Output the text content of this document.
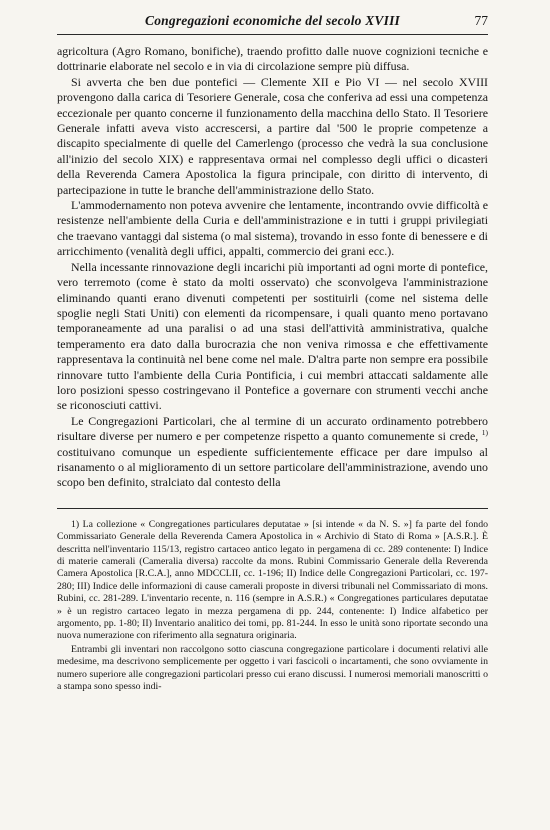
Congregazioni economiche del secolo XVIII	77

agricoltura (Agro Romano, bonifiche), traendo profitto dalle nuove cognizioni tecniche e dottrinarie elaborate nel secolo e in via di circolazione sempre più diffusa.

Si avverta che ben due pontefici — Clemente XII e Pio VI — nel secolo XVIII provengono dalla carica di Tesoriere Generale, cosa che conferiva ad essi una competenza eccezionale per quanto concerne il funzionamento della macchina dello Stato. Il Tesoriere Generale infatti aveva visto accrescersi, a partire dal '500 le proprie competenze a discapito specialmente di quelle del Camerlengo (processo che vedrà la sua conclusione all'inizio del secolo XIX) e rappresentava ormai nel complesso degli uffici o dicasteri della Reverenda Camera Apostolica la figura principale, con diritto di intervento, di partecipazione in tutte le branche dell'amministrazione dello Stato.

L'ammodernamento non poteva avvenire che lentamente, incontrando ovvie difficoltà e resistenze nell'ambiente della Curia e dell'amministrazione e in tutti i gruppi privilegiati che traevano vantaggi dal sistema (o mal sistema), trovando in esso fonte di benessere e di arricchimento (venalità degli uffici, appalti, commercio dei grani ecc.).

Nella incessante rinnovazione degli incarichi più importanti ad ogni morte di pontefice, vero terremoto (come è stato da molti osservato) che sconvolgeva l'amministrazione eliminando quanti erano divenuti competenti per sostituirli (come nel sistema delle spoglie negli Stati Uniti) con elementi da ricompensare, i quali quanto meno portavano temporaneamente ad una paralisi o ad una stasi dell'attività amministrativa, qualche temperamento era dato dalla burocrazia che non veniva rimossa e che effettivamente rappresentava la continuità nel bene come nel male. D'altra parte non sempre era possibile rinnovare tutto l'ambiente della Curia Pontificia, i cui membri attaccati saldamente alle loro posizioni spesso costringevano il Pontefice a governare con strumenti vecchi anche se riconosciuti cattivi.

Le Congregazioni Particolari, che al termine di un accurato ordinamento potrebbero risultare diverse per numero e per competenze rispetto a quanto comunemente si crede, $^{1)}$ costituivano comunque un espediente sufficientemente efficace per dare impulso al risanamento o al miglioramento di un settore particolare dell'amministrazione, avendo uno scopo ben definito, stralciato dal contesto della

1) La collezione « Congregationes particulares deputatae » [si intende « da N. S. »] fa parte del fondo Commissariato Generale della Reverenda Camera Apostolica in « Archivio di Stato di Roma » [A.S.R.]. È descritta nell'inventario 115/13, registro cartaceo antico legato in pergamena di cc. 289 contenente: I) Indice di materie camerali (Cameralia diversa) raccolte da mons. Rubini Commissario Generale della Reverenda Camera Apostolica [R.C.A.], anno MDCCLII, cc. 1-196; II) Indice delle Congregazioni Particolari, cc. 197-280; III) Indice delle informazioni di cause camerali proposte in diversi tribunali nel Commissariato di mons. Rubini, cc. 281-289. L'inventario recente, n. 116 (sempre in A.S.R.) « Congregationes particulares deputatae » è un registro cartaceo legato in mezza pergamena di pp. 244, contenente: I) Indice alfabetico per argomento, pp. 1-80; II) Inventario analitico dei tomi, pp. 81-244. In esso le unità sono riportate secondo una nuova numerazione con riferimento alla segnatura originaria.

Entrambi gli inventari non raccolgono sotto ciascuna congregazione particolare i documenti relativi alle medesime, ma descrivono semplicemente per oggetto i vari fascicoli o incartamenti, che sono ovviamente in numero superiore alle congregazioni particolari presso cui erano discussi. I numerosi memoriali manoscritti o a stampa sono spesso indi-
